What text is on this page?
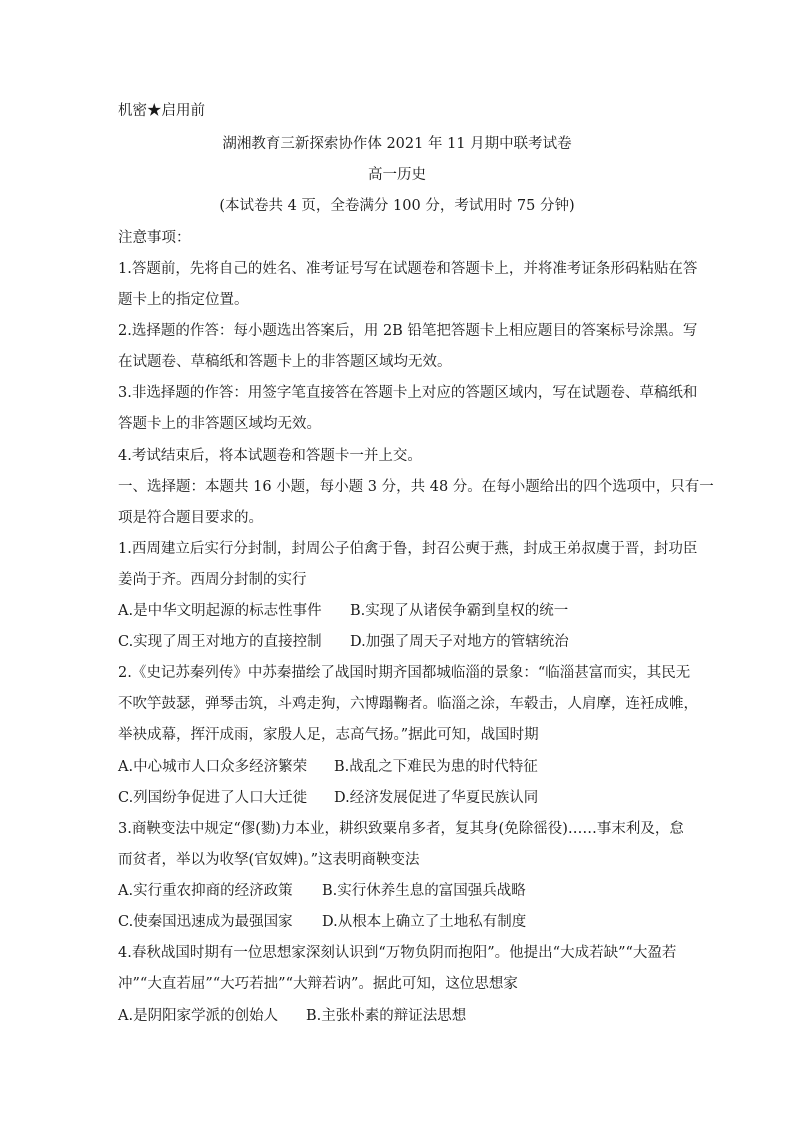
机密★启用前
湖湘教育三新探索协作体 2021 年 11 月期中联考试卷
高一历史
(本试卷共 4 页，全卷满分 100 分，考试用时 75 分钟)
注意事项：
1.答题前，先将自己的姓名、准考证号写在试题卷和答题卡上，并将准考证条形码粘贴在答
题卡上的指定位置。
2.选择题的作答：每小题选出答案后，用 2B 铅笔把答题卡上相应题目的答案标号涂黑。写
在试题卷、草稿纸和答题卡上的非答题区域均无效。
3.非选择题的作答：用签字笔直接答在答题卡上对应的答题区域内，写在试题卷、草稿纸和
答题卡上的非答题区域均无效。
4.考试结束后，将本试题卷和答题卡一并上交。
一、选择题：本题共 16 小题，每小题 3 分，共 48 分。在每小题给出的四个选项中，只有一
项是符合题目要求的。
1.西周建立后实行分封制，封周公子伯禽于鲁，封召公奭于燕，封成王弟叔虞于晋，封功臣
姜尚于齐。西周分封制的实行
A.是中华文明起源的标志性事件 B.实现了从诸侯争霸到皇权的统一
C.实现了周王对地方的直接控制 D.加强了周天子对地方的管辖统治
2.《史记苏秦列传》中苏秦描绘了战国时期齐国都城临淄的景象：“临淄甚富而实，其民无
不吹竽鼓瑟，弹琴击筑，斗鸡走狗，六博蹋鞠者。临淄之涂，车毂击，人肩摩，连衽成帷，
举袂成幕，挥汗成雨，家殷人足，志高气扬。”据此可知，战国时期
A.中心城市人口众多经济繁荣 B.战乱之下难民为患的时代特征
C.列国纷争促进了人口大迁徙 D.经济发展促进了华夏民族认同
3.商鞅变法中规定“僇(勠)力本业，耕织致粟帛多者，复其身(免除徭役)……事末利及，怠
而贫者，举以为收孥(官奴婢)。”这表明商鞅变法
A.实行重农抑商的经济政策 B.实行休养生息的富国强兵战略
C.使秦国迅速成为最强国家 D.从根本上确立了土地私有制度
4.春秋战国时期有一位思想家深刻认识到“万物负阴而抱阳”。他提出“大成若缺”“大盈若
冲”“大直若屈”“大巧若拙”“大辩若讷”。据此可知，这位思想家
A.是阴阳家学派的创始人 B.主张朴素的辩证法思想
